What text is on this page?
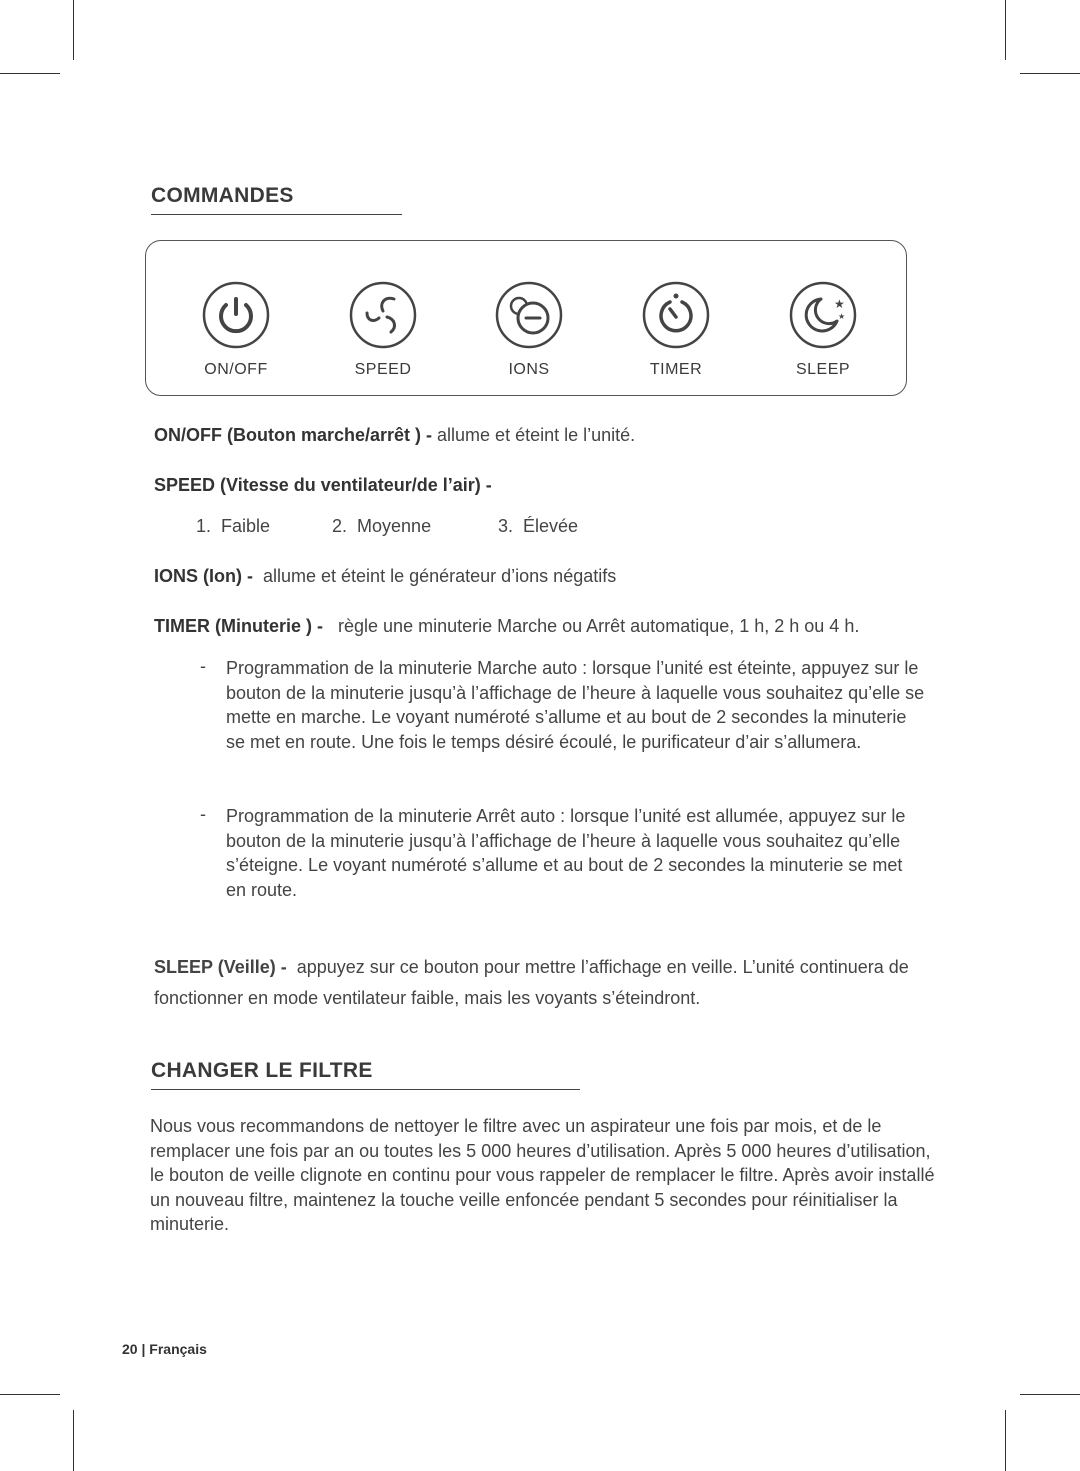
COMMANDES
ON/OFF	SPEED	IONS	TIMER
★
★
SLEEP
ON/OFF (Bouton marche/arrêt ) - allume et éteint le l’unité.
SPEED (Vitesse du ventilateur/de l’air) -
1. Faible	2. Moyenne	3. Élevée
IONS (Ion) -  allume et éteint le générateur d’ions négatifs
TIMER (Minuterie ) -   règle une minuterie Marche ou Arrêt automatique, 1 h, 2 h ou 4 h.
- Programmation de la minuterie Marche auto : lorsque l’unité est éteinte, appuyez sur le bouton de la minuterie jusqu’à l’affichage de l’heure à laquelle vous souhaitez qu’elle se mette en marche. Le voyant numéroté s’allume et au bout de 2 secondes la minuterie se met en route. Une fois le temps désiré écoulé, le purificateur d’air s’allumera.
- Programmation de la minuterie Arrêt auto : lorsque l’unité est allumée, appuyez sur le bouton de la minuterie jusqu’à l’affichage de l’heure à laquelle vous souhaitez qu’elle s’éteigne. Le voyant numéroté s’allume et au bout de 2 secondes la minuterie se met en route.
SLEEP (Veille) -  appuyez sur ce bouton pour mettre l’affichage en veille. L’unité continuera de fonctionner en mode ventilateur faible, mais les voyants s’éteindront.
CHANGER LE FILTRE
Nous vous recommandons de nettoyer le filtre avec un aspirateur une fois par mois, et de le remplacer une fois par an ou toutes les 5 000 heures d’utilisation. Après 5 000 heures d’utilisation, le bouton de veille clignote en continu pour vous rappeler de remplacer le filtre. Après avoir installé un nouveau filtre, maintenez la touche veille enfoncée pendant 5 secondes pour réinitialiser la minuterie.
20 | Français
